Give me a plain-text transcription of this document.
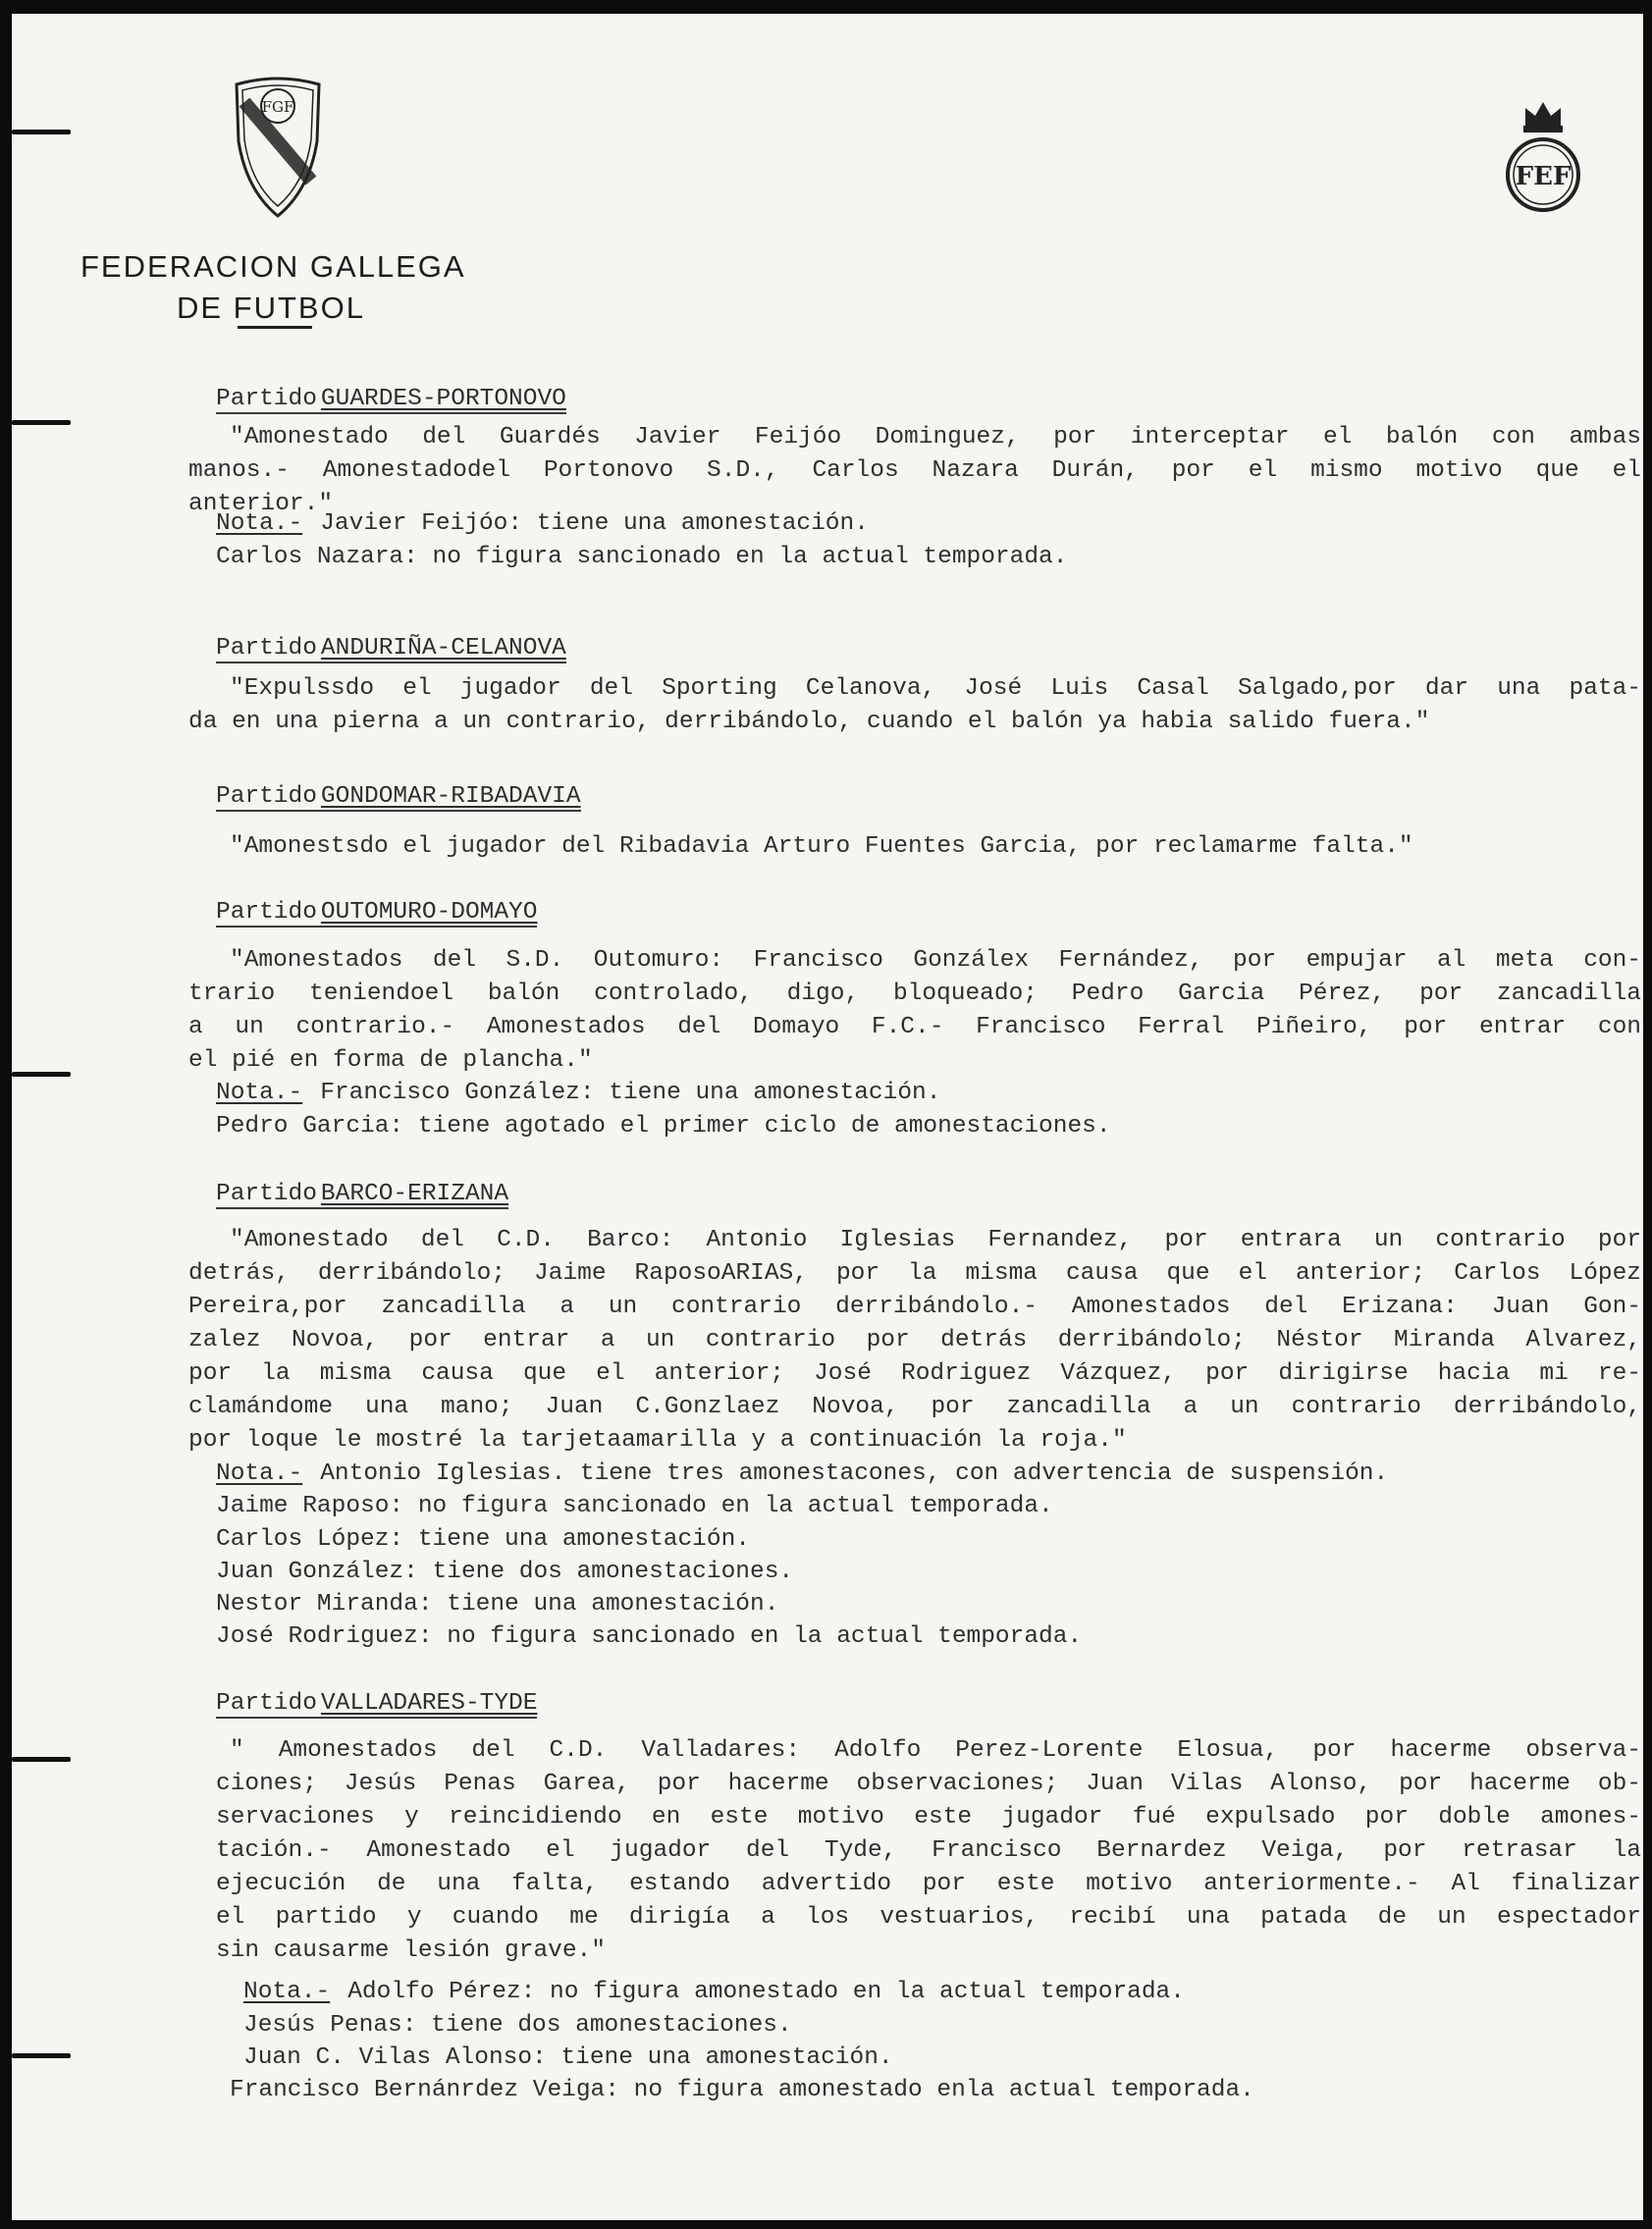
FGF
FEF
FEDERACION GALLEGA
DE FUTBOL
Partido GUARDES-PORTONOVO
"Amonestado del Guardés Javier Feijóo Dominguez, por interceptar el balón con ambas
manos.- Amonestadodel Portonovo S.D., Carlos Nazara Durán, por el mismo motivo que el
anterior."
Nota.- Javier Feijóo: tiene una amonestación.
Carlos Nazara: no figura sancionado en la actual temporada.
Partido ANDURIÑA-CELANOVA
"Expulssdo el jugador del Sporting Celanova, José Luis Casal Salgado,por dar una pata-
da en una pierna a un contrario, derribándolo, cuando el balón ya habia salido fuera."
Partido GONDOMAR-RIBADAVIA
"Amonestsdo el jugador del Ribadavia Arturo Fuentes Garcia, por reclamarme falta."
Partido OUTOMURO-DOMAYO
"Amonestados del S.D. Outomuro: Francisco Gonzálex Fernández, por empujar al meta con-
trario teniendoel balón controlado, digo, bloqueado; Pedro Garcia Pérez, por zancadilla
a un contrario.- Amonestados del Domayo F.C.- Francisco Ferral Piñeiro, por entrar con
el pié en forma de plancha."
Nota.- Francisco González: tiene una amonestación.
Pedro Garcia: tiene agotado el primer ciclo de amonestaciones.
Partido BARCO-ERIZANA
"Amonestado del C.D. Barco: Antonio Iglesias Fernandez, por entrara un contrario por
detrás, derribándolo; Jaime RaposoARIAS, por la misma causa que el anterior; Carlos López
Pereira,por zancadilla a un contrario derribándolo.- Amonestados del Erizana: Juan Gon-
zalez Novoa, por entrar a un contrario por detrás derribándolo; Néstor Miranda Alvarez,
por la misma causa que el anterior; José Rodriguez Vázquez, por dirigirse hacia mi re-
clamándome una mano; Juan C.Gonzlaez Novoa, por zancadilla a un contrario derribándolo,
por loque le mostré la tarjetaamarilla y a continuación la roja."
Nota.- Antonio Iglesias. tiene tres amonestacones, con advertencia de suspensión.
Jaime Raposo: no figura sancionado en la actual temporada.
Carlos López: tiene una amonestación.
Juan González: tiene dos amonestaciones.
Nestor Miranda: tiene una amonestación.
José Rodriguez: no figura sancionado en la actual temporada.
Partido VALLADARES-TYDE
" Amonestados del C.D. Valladares: Adolfo Perez-Lorente Elosua, por hacerme observa-
ciones; Jesús Penas Garea, por hacerme observaciones; Juan Vilas Alonso, por hacerme ob-
servaciones y reincidiendo en este motivo este jugador fué expulsado por doble amones-
tación.- Amonestado el jugador del Tyde, Francisco Bernardez Veiga, por retrasar la
ejecución de una falta, estando advertido por este motivo anteriormente.- Al finalizar
el partido y cuando me dirigía a los vestuarios, recibí una patada de un espectador
sin causarme lesión grave."
Nota.- Adolfo Pérez: no figura amonestado en la actual temporada.
Jesús Penas: tiene dos amonestaciones.
Juan C. Vilas Alonso: tiene una amonestación.
Francisco Bernánrdez Veiga: no figura amonestado enla actual temporada.
